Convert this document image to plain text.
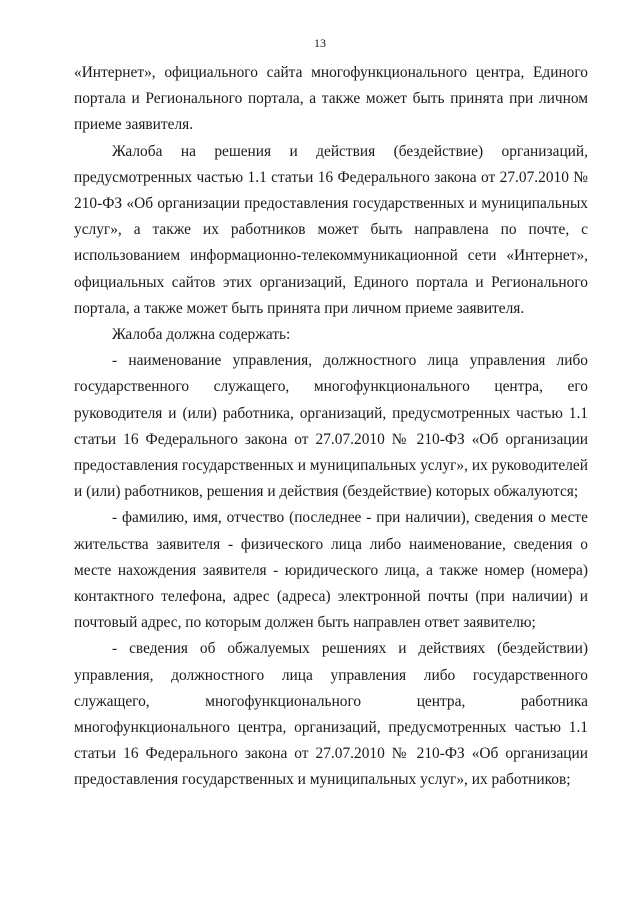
13

«Интернет», официального сайта многофункционального центра, Единого портала и Регионального портала, а также может быть принята при личном приеме заявителя.

Жалоба на решения и действия (бездействие) организаций, предусмотренных частью 1.1 статьи 16 Федерального закона от 27.07.2010 № 210-ФЗ «Об организации предоставления государственных и муниципальных услуг», а также их работников может быть направлена по почте, с использованием информационно-телекоммуникационной сети «Интернет», официальных сайтов этих организаций, Единого портала и Регионального портала, а также может быть принята при личном приеме заявителя.

Жалоба должна содержать:

- наименование управления, должностного лица управления либо государственного служащего, многофункционального центра, его руководителя и (или) работника, организаций, предусмотренных частью 1.1 статьи 16 Федерального закона от 27.07.2010 № 210-ФЗ «Об организации предоставления государственных и муниципальных услуг», их руководителей и (или) работников, решения и действия (бездействие) которых обжалуются;

- фамилию, имя, отчество (последнее - при наличии), сведения о месте жительства заявителя - физического лица либо наименование, сведения о месте нахождения заявителя - юридического лица, а также номер (номера) контактного телефона, адрес (адреса) электронной почты (при наличии) и почтовый адрес, по которым должен быть направлен ответ заявителю;

- сведения об обжалуемых решениях и действиях (бездействии) управления, должностного лица управления либо государственного служащего, многофункционального центра, работника многофункционального центра, организаций, предусмотренных частью 1.1 статьи 16 Федерального закона от 27.07.2010 № 210-ФЗ «Об организации предоставления государственных и муниципальных услуг», их работников;
